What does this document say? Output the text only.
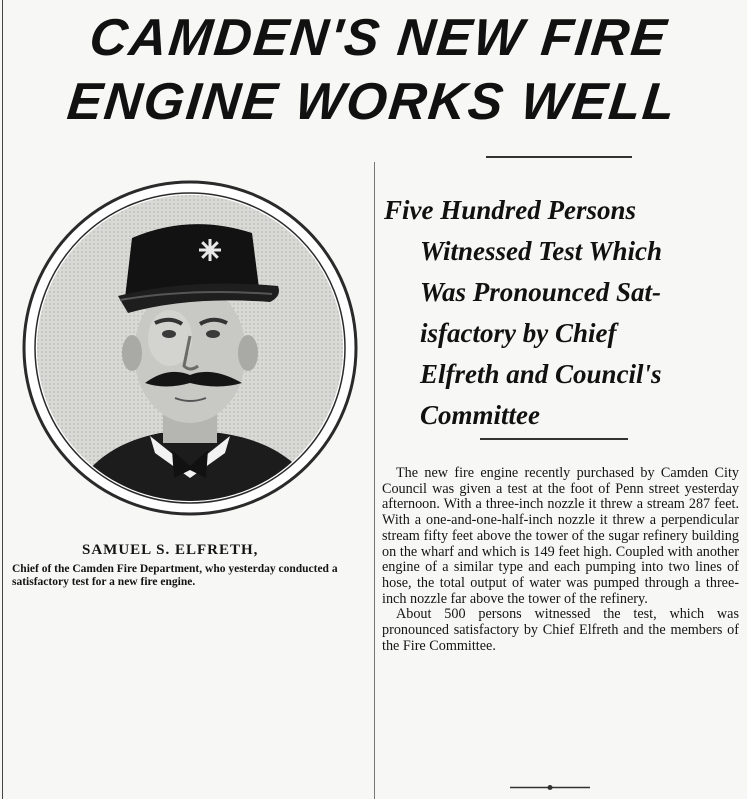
CAMDEN'S NEW FIRE
ENGINE WORKS WELL
SAMUEL S. ELFRETH,
Chief of the Camden Fire Department, who yesterday conducted a satisfactory test for a new fire engine.
Five Hundred Persons
Witnessed Test Which
Was Pronounced Sat-
isfactory by Chief
Elfreth and Council's
Committee

The new fire engine recently purchased by Camden City Council was given a test at the foot of Penn street yesterday afternoon. With a three-inch nozzle it threw a stream 287 feet. With a one-and-one-half-inch nozzle it threw a perpendicular stream fifty feet above the tower of the sugar refinery building on the wharf and which is 149 feet high. Coupled with another engine of a similar type and each pumping into two lines of hose, the total output of water was pumped through a three-inch nozzle far above the tower of the refinery.

About 500 persons witnessed the test, which was pronounced satisfactory by Chief Elfreth and the members of the Fire Committee.
